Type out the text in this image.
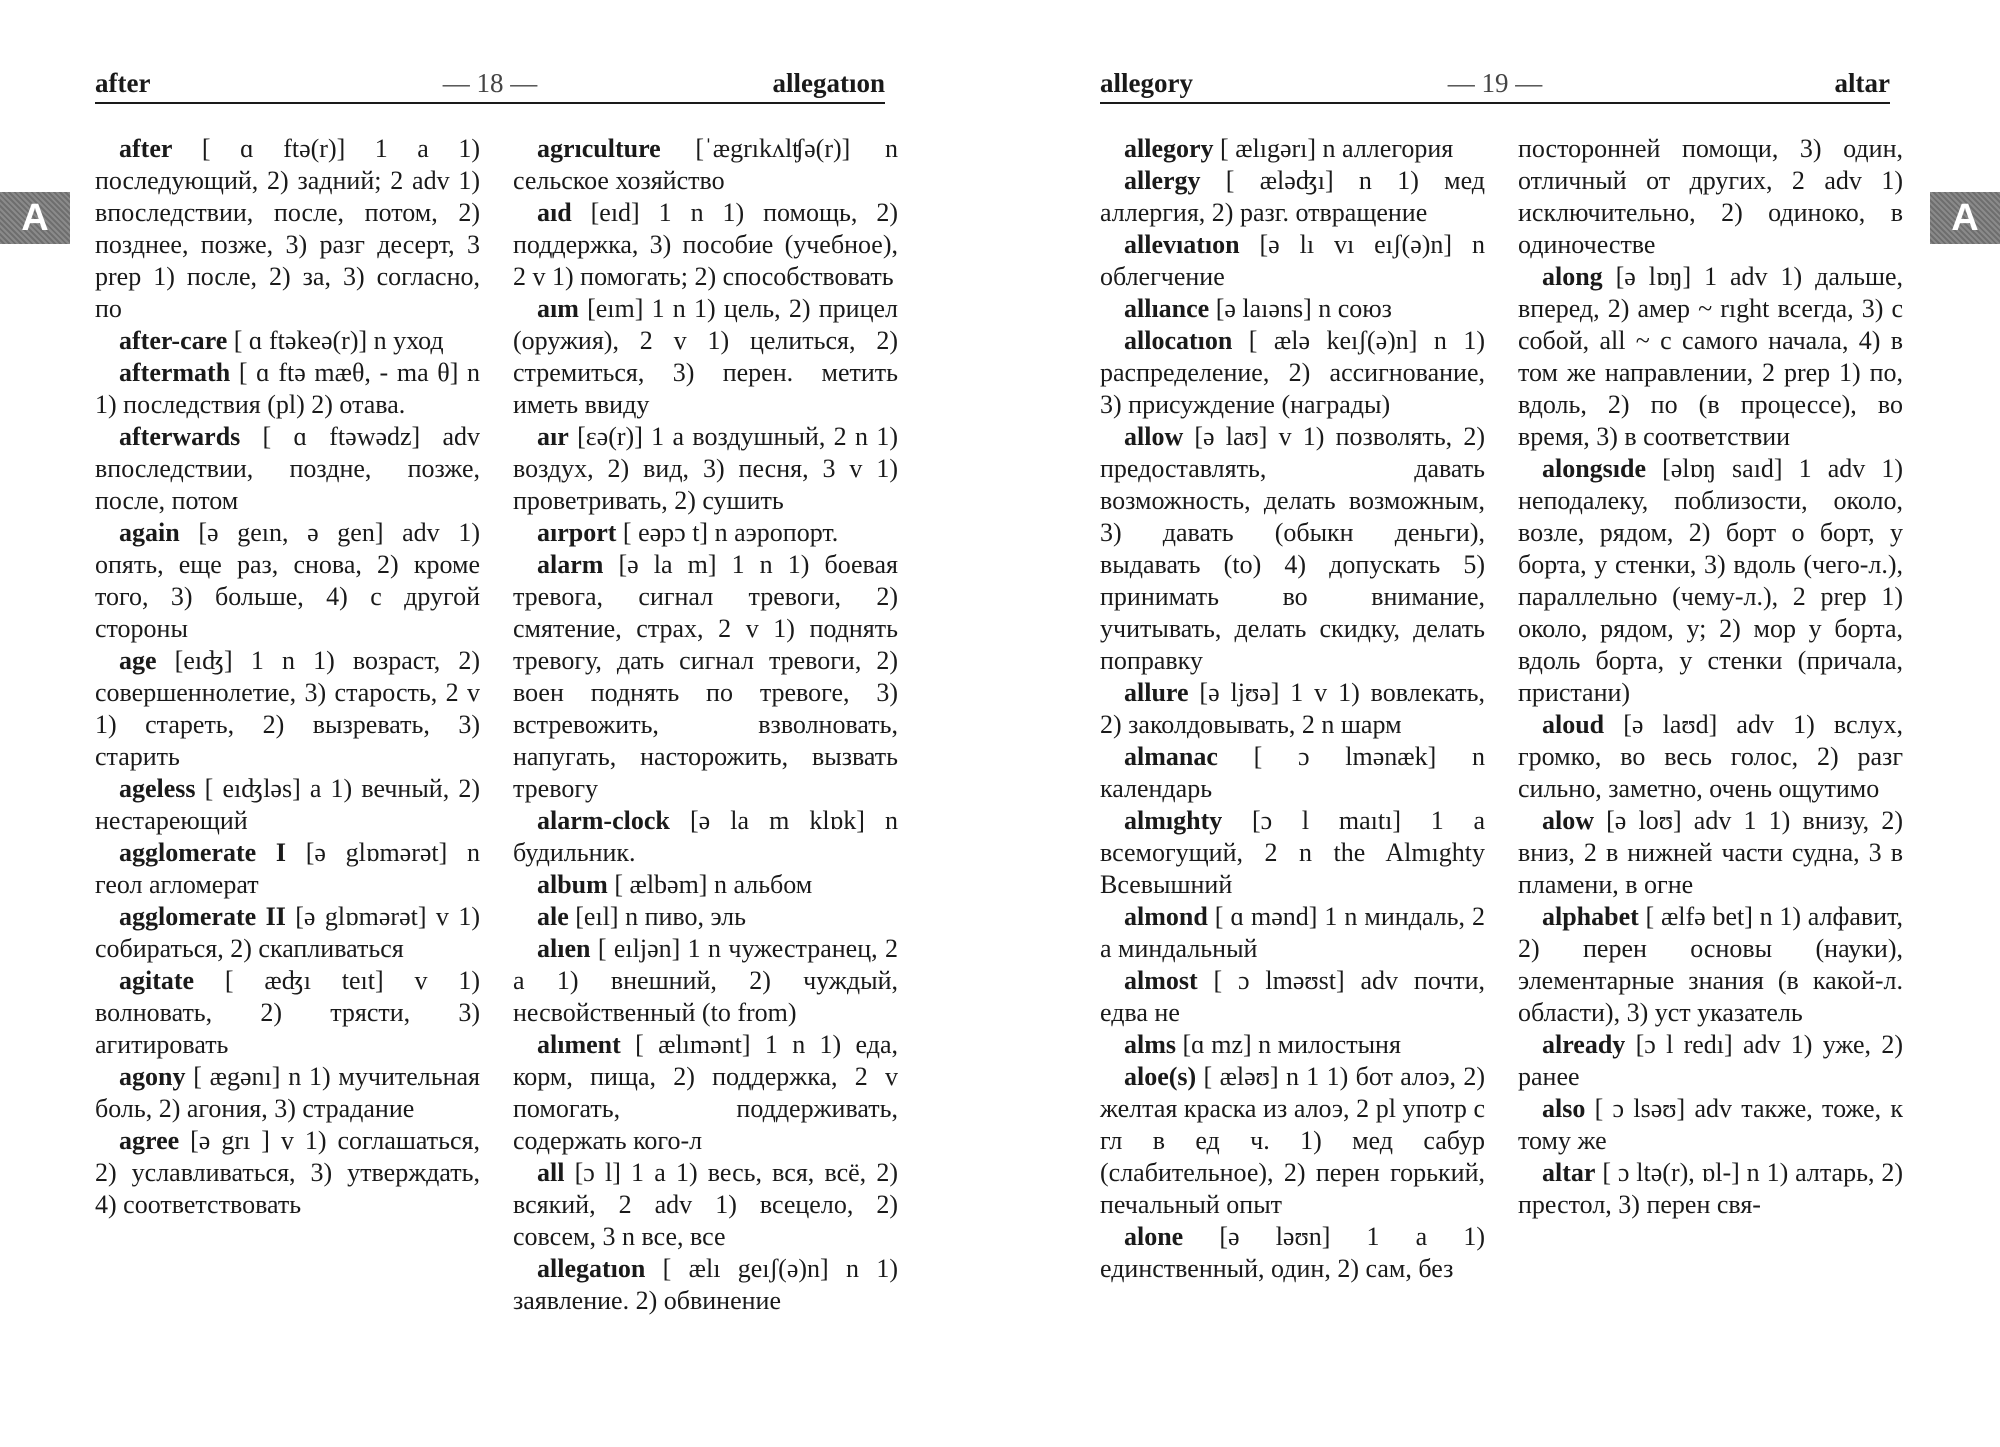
after	— 18 —	allegatıon

after [ ɑ ftə(r)] 1 a 1) последующий, 2) задний; 2 adv 1) впоследствии, после, потом, 2) позднее, позже, 3) разг десерт, 3 prep 1) после, 2) за, 3) согласно, по

after-care [ ɑ ftəkeə(r)] n уход

aftermath [ ɑ ftə mæθ, - ma θ] n 1) последствия (pl) 2) отава.

afterwards [ ɑ ftəwədz] adv впоследствии, поздне, позже, после, потом

again [ə geın, ə gen] adv 1) опять, еще раз, снова, 2) кроме того, 3) больше, 4) с другой стороны

age [eıʤ] 1 n 1) возраст, 2) совершеннолетие, 3) старость, 2 v 1) стареть, 2) вызревать, 3) старить

ageless [ eıʤləs] a 1) вечный, 2) нестареющий

agglomerate I [ə glɒmərət] n геол агломерат

agglomerate II [ə glɒmərət] v 1) собираться, 2) скапливаться

agitate [ æʤı teıt] v 1) волновать, 2) трясти, 3) агитировать

agony [ ægənı] n 1) мучительная боль, 2) агония, 3) страдание

agree [ə grı ] v 1) соглашаться, 2) уславливаться, 3) утверждать, 4) соответствовать

agrıculture [ˈægrıkʌlʧə(r)] n сельское хозяйство

aıd [eıd] 1 n 1) помощь, 2) поддержка, 3) пособие (учебное), 2 v 1) помогать; 2) способствовать

aım [eım] 1 n 1) цель, 2) прицел (оружия), 2 v 1) целиться, 2) стремиться, 3) перен. метить иметь ввиду

aır [ɛə(r)] 1 a воздушный, 2 n 1) воздух, 2) вид, 3) песня, 3 v 1) проветривать, 2) сушить

aırport [ eəpɔ t] n аэропорт.

alarm [ə la m] 1 n 1) боевая тревога, сигнал тревоги, 2) смятение, страх, 2 v 1) поднять тревогу, дать сигнал тревоги, 2) воен поднять по тревоге, 3) встревожить, взволновать, напугать, насторожить, вызвать тревогу

alarm-clock [ə la m klɒk] n будильник.

album [ ælbəm] n альбом

ale [eıl] n пиво, эль

alıen [ eıljən] 1 n чужестранец, 2 a 1) внешний, 2) чуждый, несвойственный (to from)

alıment [ ælımənt] 1 n 1) еда, корм, пища, 2) поддержка, 2 v помогать, поддерживать, содержать кого-л

all [ɔ l] 1 a 1) весь, вся, всё, 2) всякий, 2 adv 1) всецело, 2) совсем, 3 n все, все

allegatıon [ ælı geıʃ(ə)n] n 1) заявление. 2) обвинение

A
allegory	— 19 —	altar

allegory [ ælıgərı] n аллегория

allergy [ æləʤı] n 1) мед аллергия, 2) разг. отвращение

allevıatıon [ə lı vı eıʃ(ə)n] n облегчение

allıance [ə laıəns] n союз

allocatıon [ ælə keıʃ(ə)n] n 1) распределение, 2) ассигнование, 3) присуждение (награды)

allow [ə laʊ] v 1) позволять, 2) предоставлять, давать возможность, делать возможным, 3) давать (обыкн деньги), выдавать (to) 4) допускать 5) принимать во внимание, учитывать, делать скидку, делать поправку

allure [ə ljʊə] 1 v 1) вовлекать, 2) заколдовывать, 2 n шарм

almanac [ ɔ lmənæk] n календарь

almıghty [ɔ l maıtı] 1 a всемогущий, 2 n the Almıghty Всевышний

almond [ ɑ mənd] 1 n миндаль, 2 a миндальный

almost [ ɔ lməʊst] adv почти, едва не

alms [ɑ mz] n милостыня

aloe(s) [ æləʊ] n 1 1) бот алоэ, 2) желтая краска из алоэ, 2 pl употр с гл в ед ч. 1) мед сабур (слабительное), 2) перен горький, печальный опыт

alone [ə ləʊn] 1 a 1) единственный, один, 2) сам, без

посторонней помощи, 3) один, отличный от других, 2 adv 1) исключительно, 2) одиноко, в одиночестве

along [ə lɒŋ] 1 adv 1) дальше, вперед, 2) амер ~ rıght всегда, 3) с собой, all ~ с самого начала, 4) в том же направлении, 2 prep 1) по, вдоль, 2) по (в процессе), во время, 3) в соответствии

alongsıde [əlɒŋ saıd] 1 adv 1) неподалеку, поблизости, около, возле, рядом, 2) борт о борт, у борта, у стенки, 3) вдоль (чего-л.), параллельно (чему-л.), 2 prep 1) около, рядом, у; 2) мор у борта, вдоль борта, у стенки (причала, пристани)

aloud [ə laʊd] adv 1) вслух, громко, во весь голос, 2) разг сильно, заметно, очень ощутимо

alow [ə loʊ] adv 1 1) внизу, 2) вниз, 2 в нижней части судна, 3 в пламени, в огне

alphabet [ ælfə bet] n 1) алфавит, 2) перен основы (науки), элементарные знания (в какой-л. области), 3) уст указатель

already [ɔ l redı] adv 1) уже, 2) ранее

also [ ɔ lsəʊ] adv также, тоже, к тому же

altar [ ɔ ltə(r), ɒl-] n 1) алтарь, 2) престол, 3) перен свя-

A
